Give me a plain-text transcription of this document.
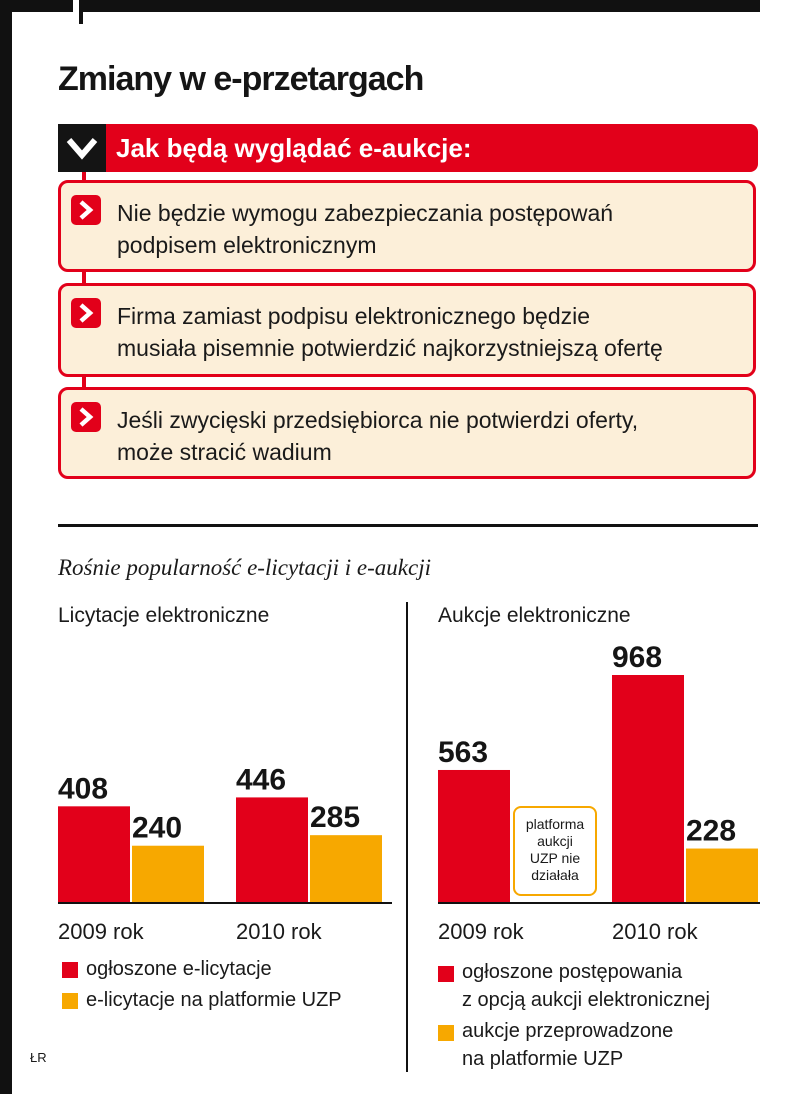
Zmiany w e-przetargach
Jak będą wyglądać e-aukcje:
Nie będzie wymogu zabezpieczania postępowań
podpisem elektronicznym
Firma zamiast podpisu elektronicznego będzie
musiała pisemnie potwierdzić najkorzystniejszą ofertę
Jeśli zwycięski przedsiębiorca nie potwierdzi oferty,
może stracić wadium
Rośnie popularność e-licytacji i e-aukcji
Licytacje elektroniczne
408
240
2009 rok
446
285
2010 rok
Aukcje elektroniczne
563
2009 rok
968
228
2010 rok
platforma
aukcji
UZP nie
działała
ogłoszone e-licytacje
e-licytacje na platformie UZP
ogłoszone postępowania
z opcją aukcji elektronicznej
aukcje przeprowadzone
na platformie UZP
ŁR
